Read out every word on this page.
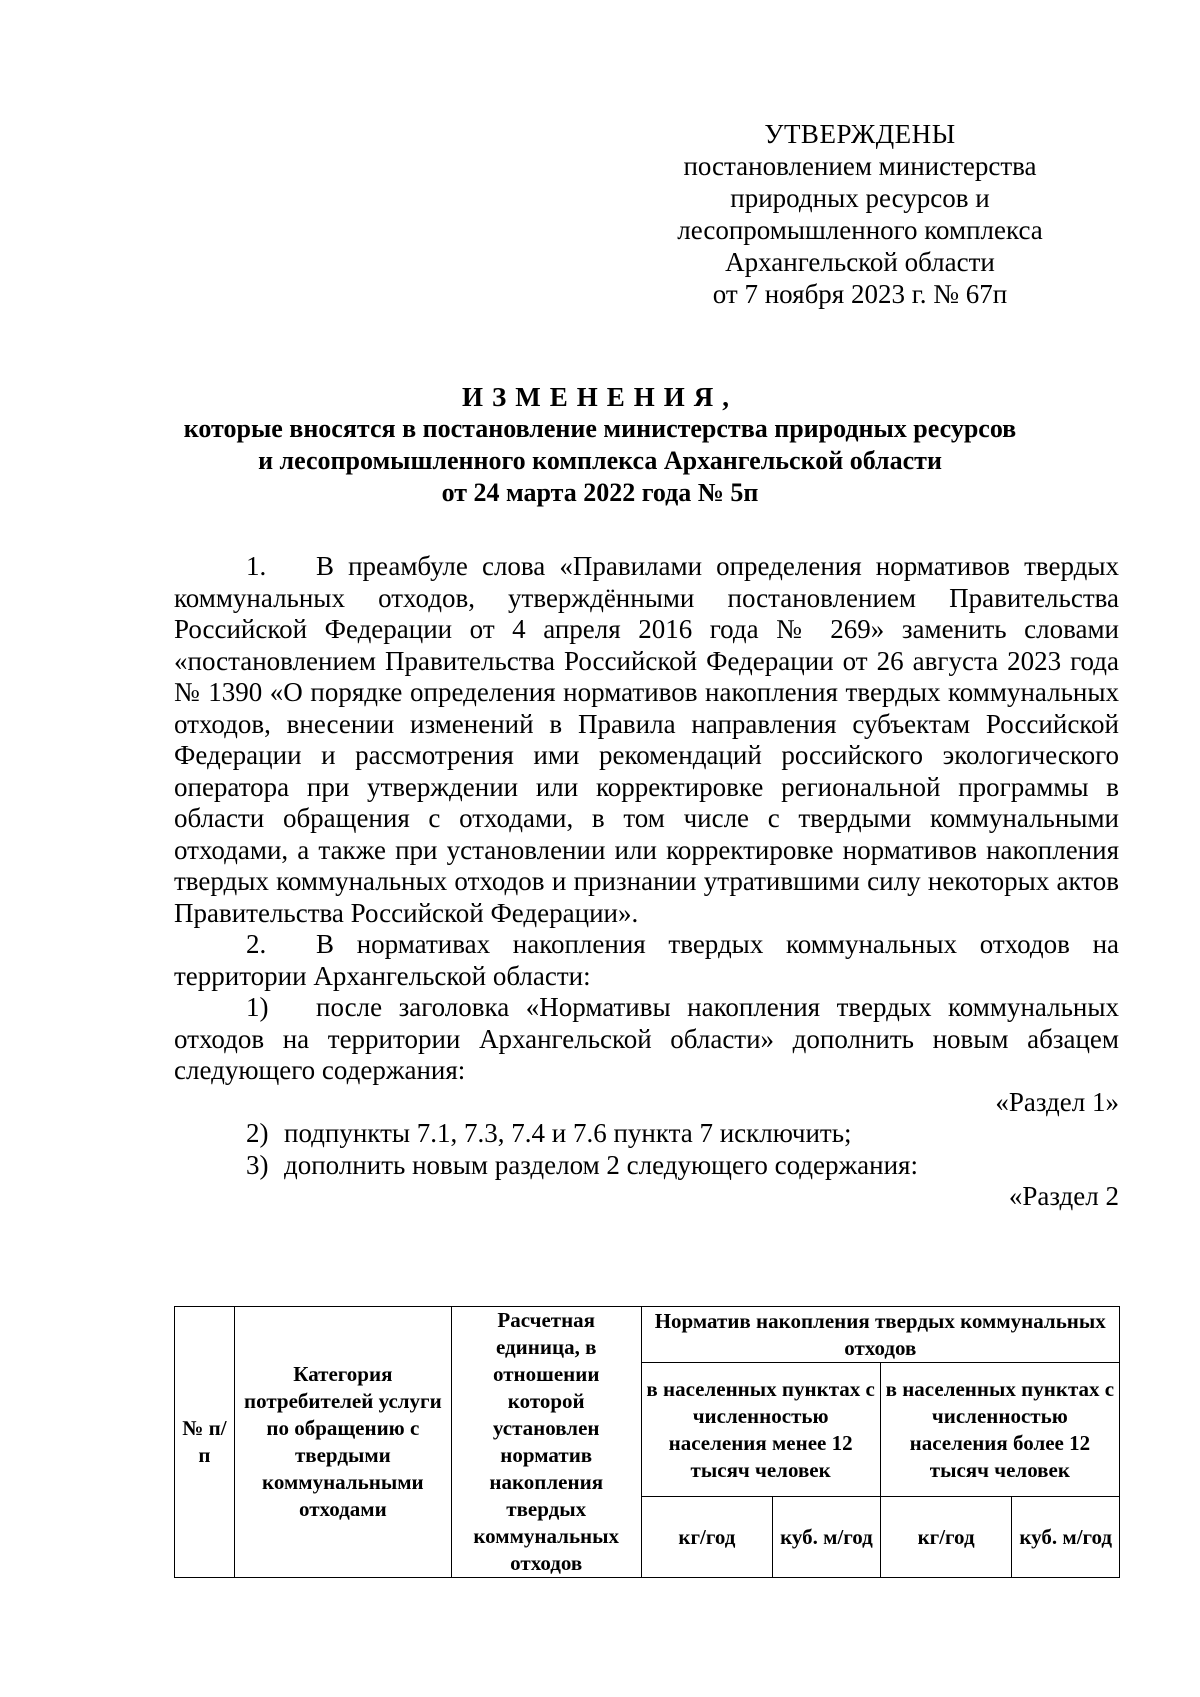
УТВЕРЖДЕНЫ
постановлением министерства
природных ресурсов и
лесопромышленного комплекса
Архангельской области
от 7 ноября 2023 г. № 67п
ИЗМЕНЕНИЯ,
которые вносятся в постановление министерства природных ресурсов
и лесопромышленного комплекса Архангельской области
от 24 марта 2022 года № 5п

1. В преамбуле слова «Правилами определения нормативов твердых коммунальных отходов, утверждёнными постановлением Правительства Российской Федерации от 4 апреля 2016 года № 269» заменить словами «постановлением Правительства Российской Федерации от 26 августа 2023 года № 1390 «О порядке определения нормативов накопления твердых коммунальных отходов, внесении изменений в Правила направления субъектам Российской Федерации и рассмотрения ими рекомендаций российского экологического оператора при утверждении или корректировке региональной программы в области обращения с отходами, в том числе с твердыми коммунальными отходами, а также при установлении или корректировке нормативов накопления твердых коммунальных отходов и признании утратившими силу некоторых актов Правительства Российской Федерации».

2. В нормативах накопления твердых коммунальных отходов на территории Архангельской области:

1) после заголовка «Нормативы накопления твердых коммунальных отходов на территории Архангельской области» дополнить новым абзацем следующего содержания:

«Раздел 1»
2) подпункты 7.1, 7.3, 7.4 и 7.6 пункта 7 исключить;
3) дополнить новым разделом 2 следующего содержания:
«Раздел 2
№ п/п	Категория потребителей услуги по обращению с твердыми коммунальными отходами	Расчетная единица, в отношении которой установлен норматив накопления твердых коммунальных отходов	Норматив накопления твердых коммунальных отходов			
			в населенных пунктах с численностью населения менее 12 тысяч человек		в населенных пунктах с численностью населения более 12 тысяч человек	
			кг/год	куб. м/год	кг/год	куб. м/год
